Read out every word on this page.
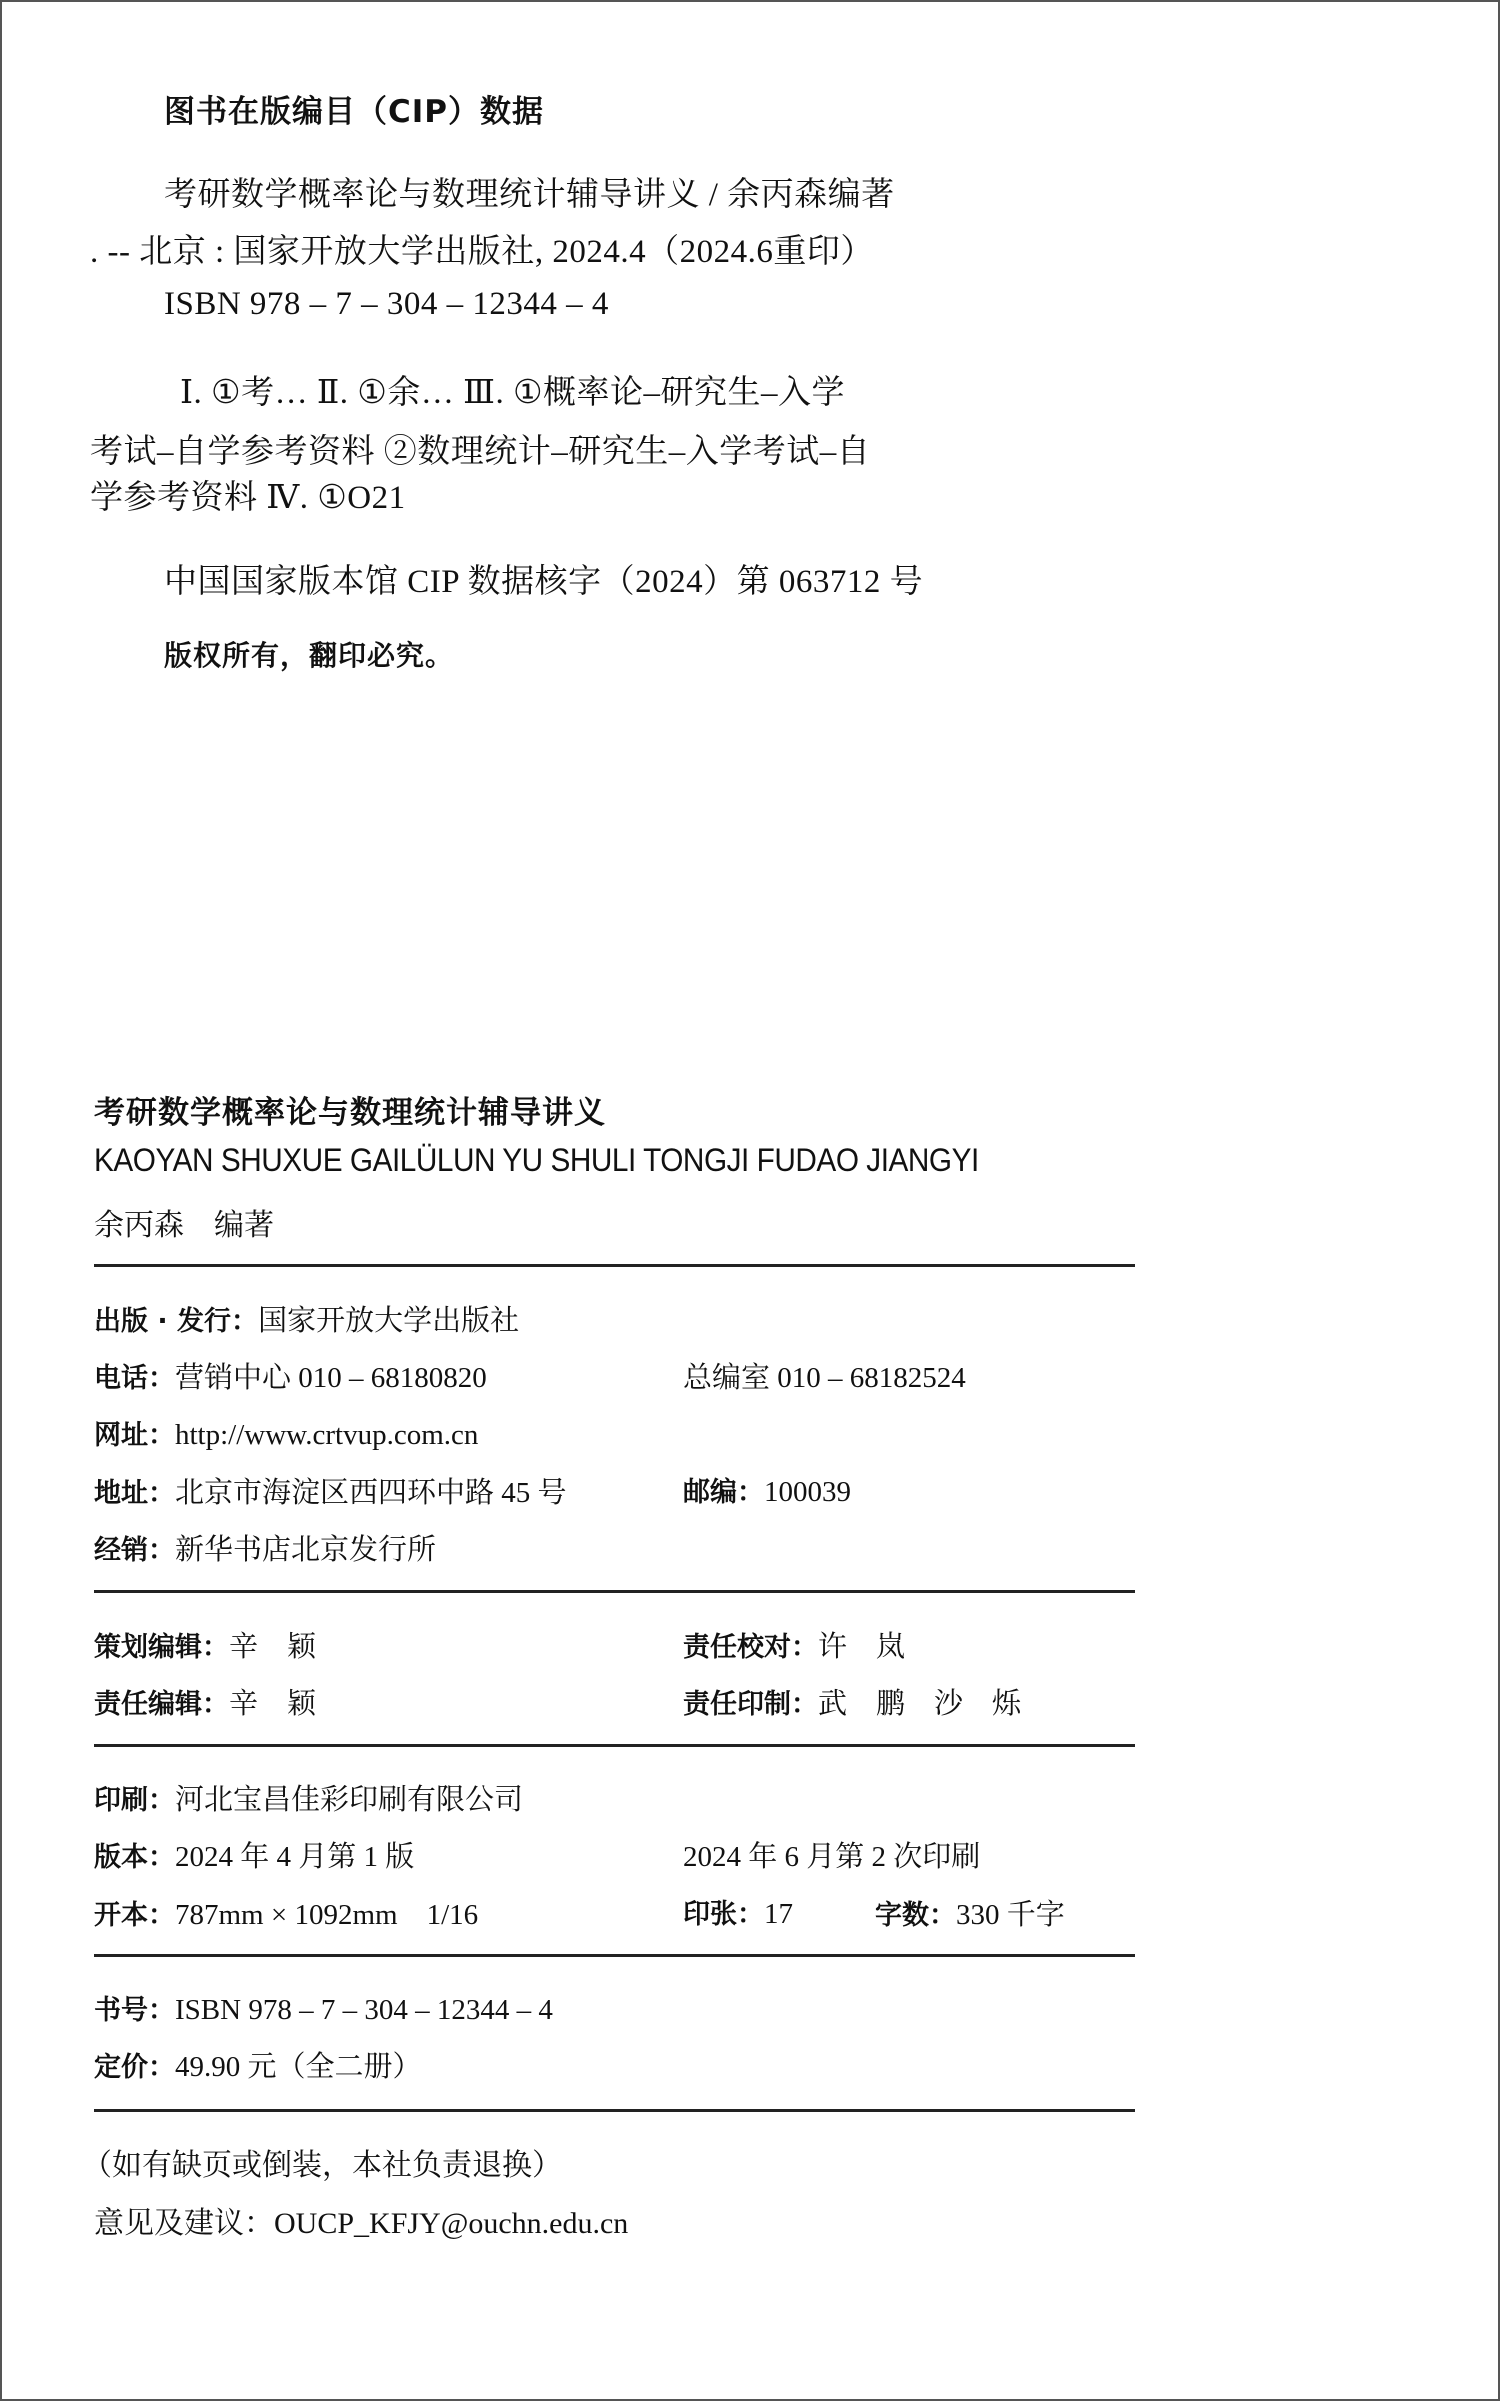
图书在版编目（CIP）数据
考研数学概率论与数理统计辅导讲义 / 余丙森编著
. -- 北京 : 国家开放大学出版社, 2024.4（2024.6重印）
ISBN 978 – 7 – 304 – 12344 – 4
Ⅰ. ①考… Ⅱ. ①余… Ⅲ. ①概率论–研究生–入学
考试–自学参考资料 ②数理统计–研究生–入学考试–自
学参考资料 Ⅳ. ①O21
中国国家版本馆 CIP 数据核字（2024）第 063712 号
版权所有，翻印必究。
考研数学概率论与数理统计辅导讲义
KAOYAN SHUXUE GAILÜLUN YU SHULI TONGJI FUDAO JIANGYI
余丙森　编著
出版 · 发行：国家开放大学出版社
电话：营销中心 010 – 68180820	总编室 010 – 68182524
网址：http://www.crtvup.com.cn
地址：北京市海淀区西四环中路 45 号	邮编：100039
经销：新华书店北京发行所
策划编辑：辛　颖	责任校对：许　岚
责任编辑：辛　颖	责任印制：武　鹏　沙　烁
印刷：河北宝昌佳彩印刷有限公司
版本：2024 年 4 月第 1 版	2024 年 6 月第 2 次印刷
开本：787mm × 1092mm　1/16	印张：17	字数：330 千字
书号：ISBN 978 – 7 – 304 – 12344 – 4
定价：49.90 元（全二册）
（如有缺页或倒装，本社负责退换）
意见及建议：OUCP_KFJY@ouchn.edu.cn
